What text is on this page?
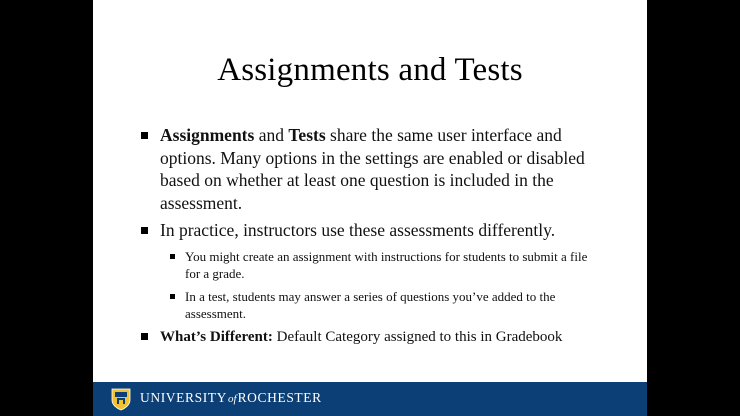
Assignments and Tests
Assignments and Tests share the same user interface and options. Many options in the settings are enabled or disabled based on whether at least one question is included in the assessment.
In practice, instructors use these assessments differently.
You might create an assignment with instructions for students to submit a file for a grade.
In a test, students may answer a series of questions you’ve added to the assessment.
What’s Different: Default Category assigned to this in Gradebook
UNIVERSITYofROCHESTER
